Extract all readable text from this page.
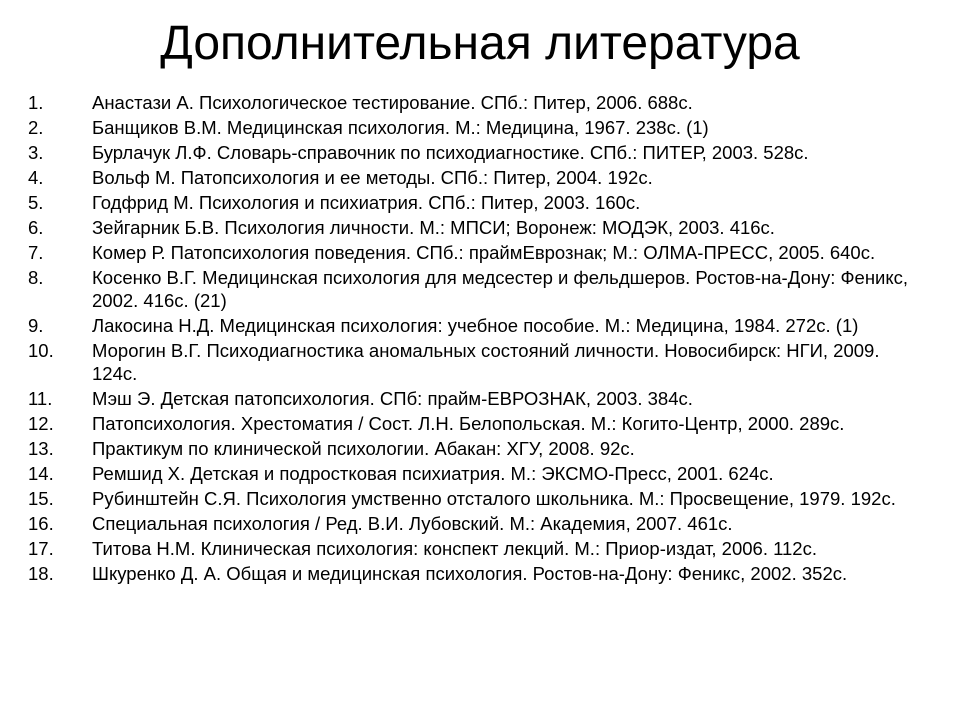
Дополнительная литература
1.	Анастази А. Психологическое тестирование. СПб.: Питер, 2006. 688с.
2.	Банщиков В.М. Медицинская психология. М.: Медицина, 1967. 238с. (1)
3.	Бурлачук Л.Ф. Словарь-справочник по психодиагностике. СПб.: ПИТЕР, 2003. 528с.
4.	Вольф М. Патопсихология и ее методы. СПб.: Питер, 2004. 192с.
5.	Годфрид М. Психология и психиатрия. СПб.: Питер, 2003. 160с.
6.	Зейгарник Б.В. Психология личности. М.: МПСИ; Воронеж: МОДЭК, 2003. 416с.
7.	Комер Р. Патопсихология поведения. СПб.: праймЕврознак; М.: ОЛМА-ПРЕСС, 2005. 640с.
8.	Косенко В.Г. Медицинская психология для медсестер и фельдшеров. Ростов-на-Дону: Феникс, 2002. 416с. (21)
9.	Лакосина Н.Д. Медицинская психология: учебное пособие. М.: Медицина, 1984. 272с. (1)
10.	Морогин В.Г. Психодиагностика аномальных состояний личности. Новосибирск: НГИ, 2009. 124с.
11.	Мэш Э. Детская патопсихология. СПб: прайм-ЕВРОЗНАК, 2003. 384с.
12.	Патопсихология. Хрестоматия / Сост. Л.Н. Белопольская. М.: Когито-Центр, 2000. 289с.
13.	Практикум по клинической психологии. Абакан: ХГУ, 2008. 92с.
14.	Ремшид Х. Детская и подростковая психиатрия. М.: ЭКСМО-Пресс, 2001. 624с.
15.	Рубинштейн С.Я. Психология умственно отсталого школьника. М.: Просвещение, 1979. 192с.
16.	Специальная психология / Ред. В.И. Лубовский. М.: Академия, 2007. 461с.
17.	Титова Н.М. Клиническая психология: конспект лекций. М.: Приор-издат, 2006. 112с.
18.	Шкуренко Д. А. Общая и медицинская психология. Ростов-на-Дону: Феникс, 2002. 352с.
